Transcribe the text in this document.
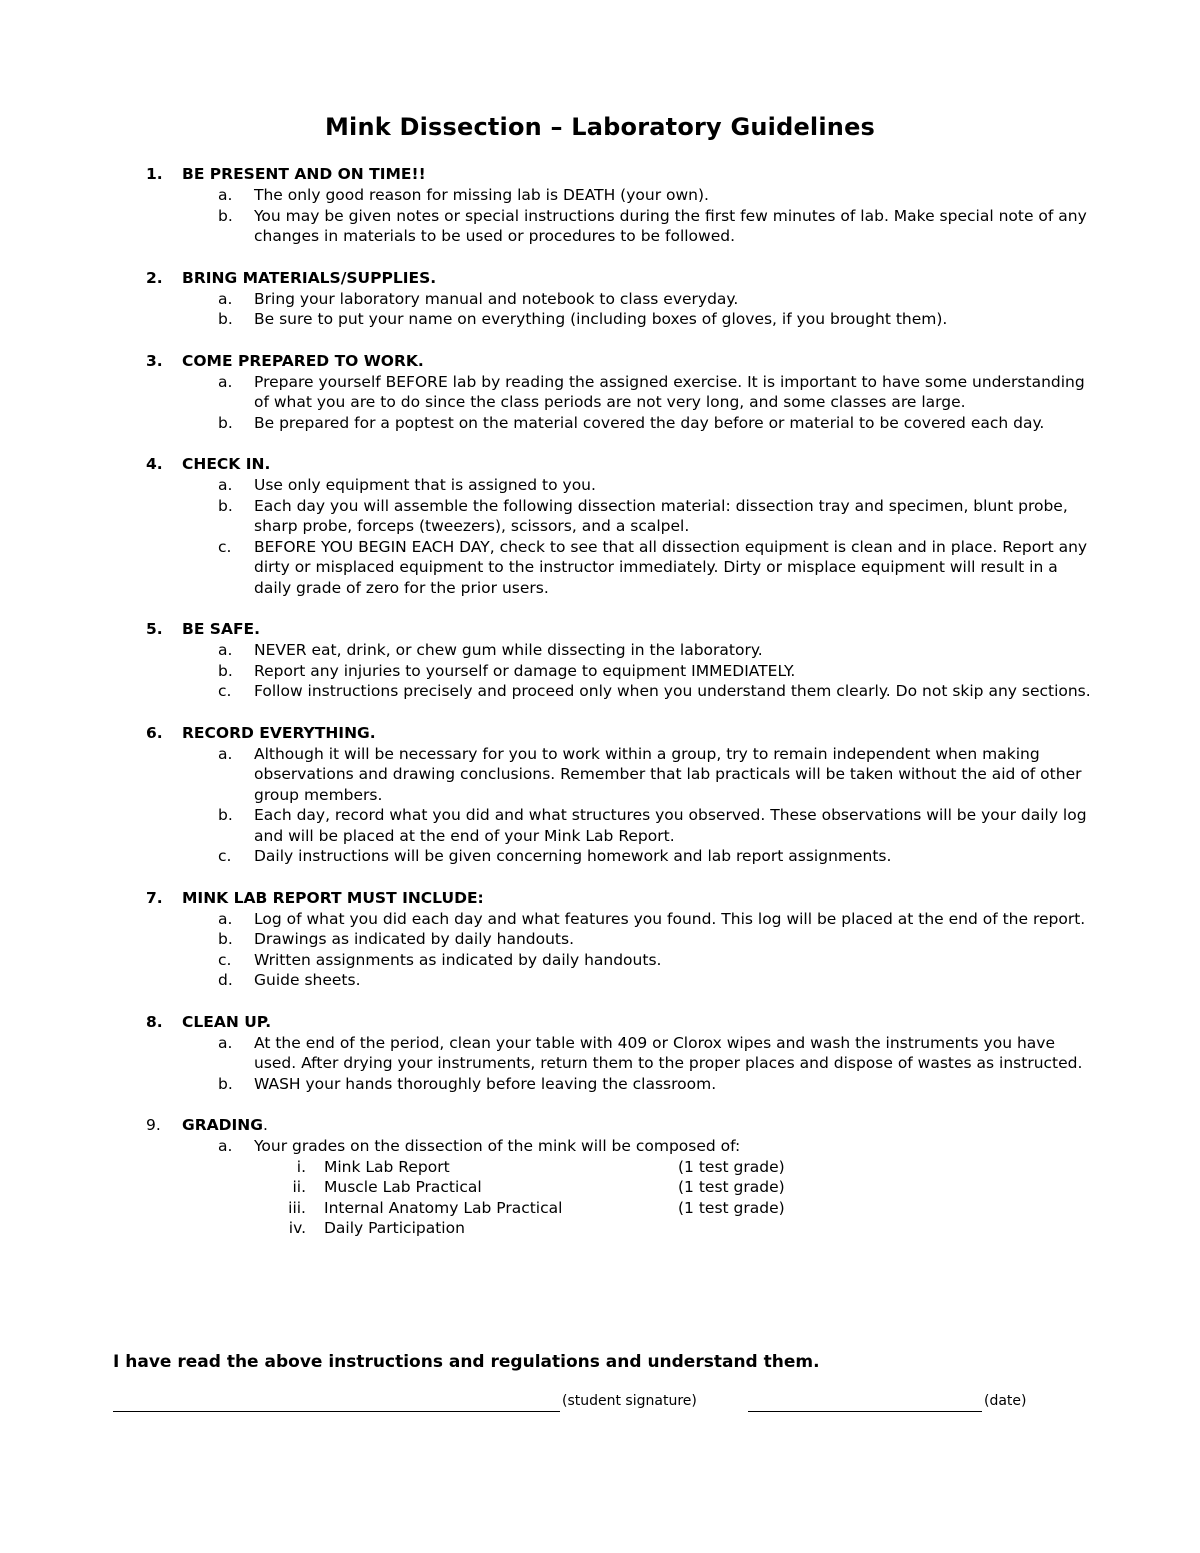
Mink Dissection – Laboratory Guidelines
1. BE PRESENT AND ON TIME!!
a. The only good reason for missing lab is DEATH (your own).
b. You may be given notes or special instructions during the first few minutes of lab. Make special note of any changes in materials to be used or procedures to be followed.
2. BRING MATERIALS/SUPPLIES.
a. Bring your laboratory manual and notebook to class everyday.
b. Be sure to put your name on everything (including boxes of gloves, if you brought them).
3. COME PREPARED TO WORK.
a. Prepare yourself BEFORE lab by reading the assigned exercise. It is important to have some understanding of what you are to do since the class periods are not very long, and some classes are large.
b. Be prepared for a poptest on the material covered the day before or material to be covered each day.
4. CHECK IN.
a. Use only equipment that is assigned to you.
b. Each day you will assemble the following dissection material: dissection tray and specimen, blunt probe, sharp probe, forceps (tweezers), scissors, and a scalpel.
c. BEFORE YOU BEGIN EACH DAY, check to see that all dissection equipment is clean and in place. Report any dirty or misplaced equipment to the instructor immediately. Dirty or misplace equipment will result in a daily grade of zero for the prior users.
5. BE SAFE.
a. NEVER eat, drink, or chew gum while dissecting in the laboratory.
b. Report any injuries to yourself or damage to equipment IMMEDIATELY.
c. Follow instructions precisely and proceed only when you understand them clearly. Do not skip any sections.
6. RECORD EVERYTHING.
a. Although it will be necessary for you to work within a group, try to remain independent when making observations and drawing conclusions. Remember that lab practicals will be taken without the aid of other group members.
b. Each day, record what you did and what structures you observed. These observations will be your daily log and will be placed at the end of your Mink Lab Report.
c. Daily instructions will be given concerning homework and lab report assignments.
7. MINK LAB REPORT MUST INCLUDE:
a. Log of what you did each day and what features you found. This log will be placed at the end of the report.
b. Drawings as indicated by daily handouts.
c. Written assignments as indicated by daily handouts.
d. Guide sheets.
8. CLEAN UP.
a. At the end of the period, clean your table with 409 or Clorox wipes and wash the instruments you have used. After drying your instruments, return them to the proper places and dispose of wastes as instructed.
b. WASH your hands thoroughly before leaving the classroom.
9. GRADING.
a. Your grades on the dissection of the mink will be composed of:
i. Mink Lab Report	(1 test grade)
ii. Muscle Lab Practical	(1 test grade)
iii. Internal Anatomy Lab Practical	(1 test grade)
iv. Daily Participation
I have read the above instructions and regulations and understand them.
(student signature)	(date)
